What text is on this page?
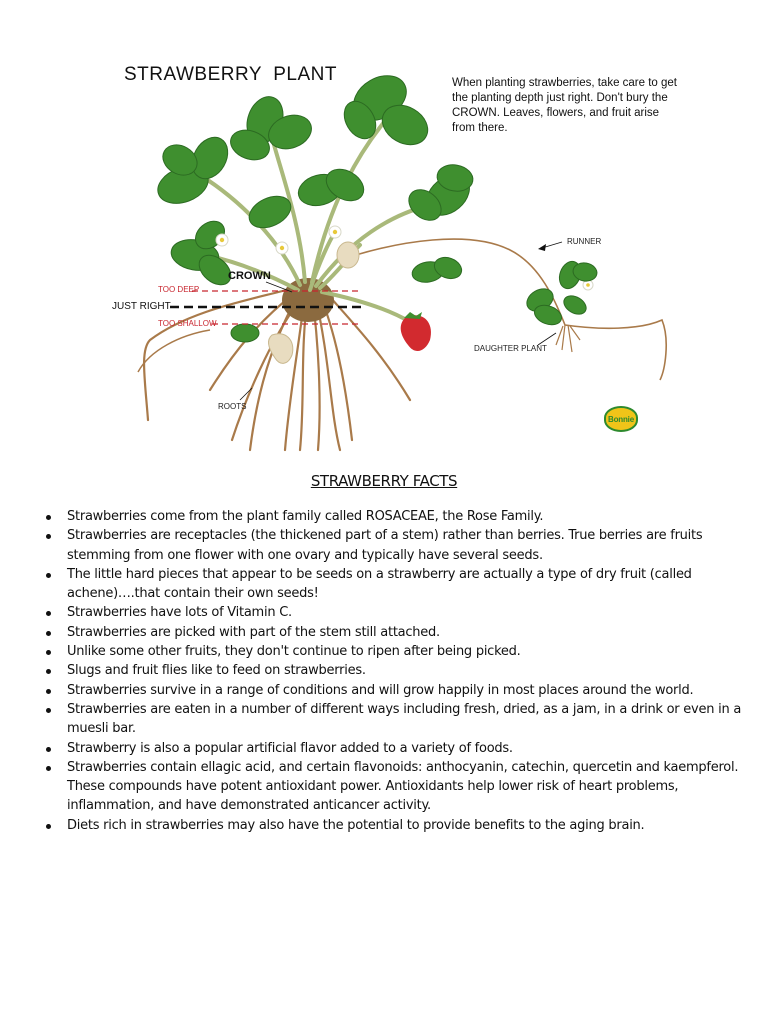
STRAWBERRY  PLANT	When planting strawberries, take care to get the planting depth just right. Don't bury the CROWN. Leaves, flowers, and fruit arise from there.
CROWN
TOO DEEP
JUST RIGHT
TOO SHALLOW
ROOTS
RUNNER
DAUGHTER PLANT
Bonnie
STRAWBERRY FACTS
Strawberries come from the plant family called ROSACEAE, the Rose Family.
Strawberries are receptacles (the thickened part of a stem) rather than berries. True berries are fruits stemming from one flower with one ovary and typically have several seeds.
The little hard pieces that appear to be seeds on a strawberry are actually a type of dry fruit (called achene)….that contain their own seeds!
Strawberries have lots of Vitamin C.
Strawberries are picked with part of the stem still attached.
Unlike some other fruits, they don't continue to ripen after being picked.
Slugs and fruit flies like to feed on strawberries.
Strawberries survive in a range of conditions and will grow happily in most places around the world.
Strawberries are eaten in a number of different ways including fresh, dried, as a jam, in a drink or even in a muesli bar.
Strawberry is also a popular artificial flavor added to a variety of foods.
Strawberries contain ellagic acid, and certain flavonoids: anthocyanin, catechin, quercetin and kaempferol. These compounds have potent antioxidant power. Antioxidants help lower risk of heart problems, inflammation, and have demonstrated anticancer activity.
Diets rich in strawberries may also have the potential to provide benefits to the aging brain.
